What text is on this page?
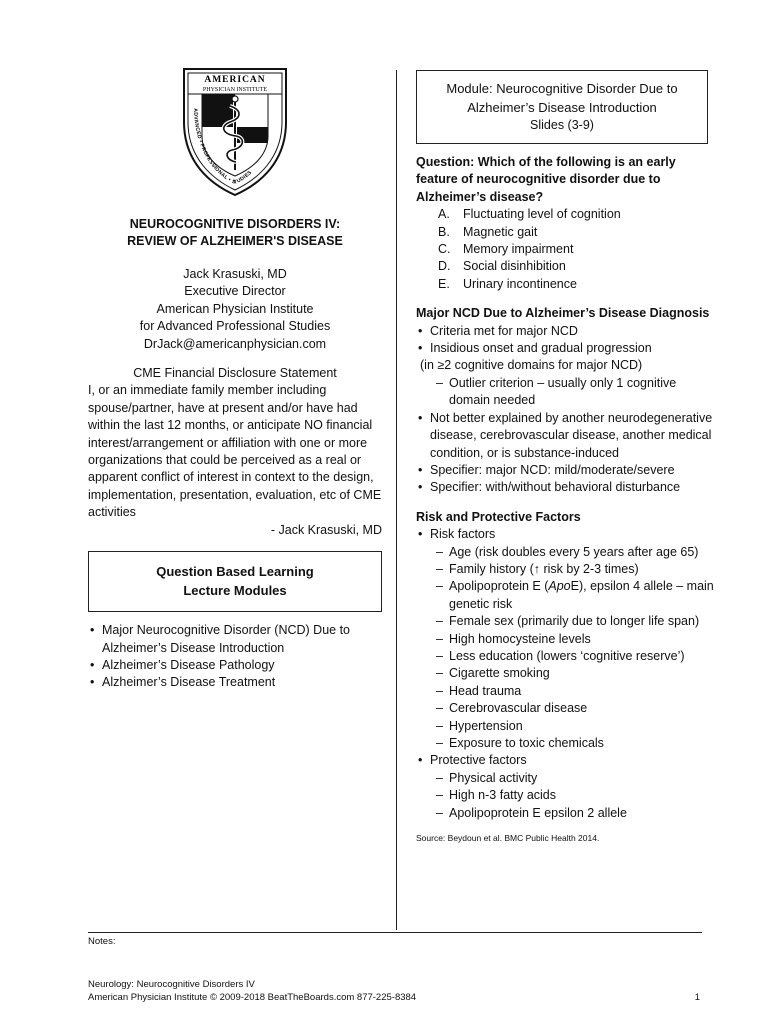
AMERICAN
PHYSICIAN INSTITUTE
ADVANCED • PROFESSIONAL • STUDIES
NEUROCOGNITIVE DISORDERS IV:
REVIEW OF ALZHEIMER'S DISEASE
Jack Krasuski, MD
Executive Director
American Physician Institute
for Advanced Professional Studies
DrJack@americanphysician.com
CME Financial Disclosure Statement
I, or an immediate family member including spouse/partner, have at present and/or have had within the last 12 months, or anticipate NO financial interest/arrangement or affiliation with one or more organizations that could be perceived as a real or apparent conflict of interest in context to the design, implementation, presentation, evaluation, etc of CME activities
- Jack Krasuski, MD
Question Based Learning
Lecture Modules
• Major Neurocognitive Disorder (NCD) Due to Alzheimer’s Disease Introduction
• Alzheimer’s Disease Pathology
• Alzheimer’s Disease Treatment
Module: Neurocognitive Disorder Due to
Alzheimer’s Disease Introduction
Slides (3-9)
Question: Which of the following is an early feature of neurocognitive disorder due to Alzheimer’s disease?
A.	Fluctuating level of cognition
B.	Magnetic gait
C.	Memory impairment
D.	Social disinhibition
E.	Urinary incontinence
Major NCD Due to Alzheimer’s Disease Diagnosis
• Criteria met for major NCD
• Insidious onset and gradual progression
(in ≥2 cognitive domains for major NCD)
– Outlier criterion – usually only 1 cognitive domain needed
• Not better explained by another neurodegenerative disease, cerebrovascular disease, another medical condition, or is substance-induced
• Specifier: major NCD: mild/moderate/severe
• Specifier: with/without behavioral disturbance
Risk and Protective Factors
• Risk factors
– Age (risk doubles every 5 years after age 65)
– Family history (↑ risk by 2-3 times)
– Apolipoprotein E (ApoE), epsilon 4 allele – main genetic risk
– Female sex (primarily due to longer life span)
– High homocysteine levels
– Less education (lowers ‘cognitive reserve’)
– Cigarette smoking
– Head trauma
– Cerebrovascular disease
– Hypertension
– Exposure to toxic chemicals
• Protective factors
– Physical activity
– High n-3 fatty acids
– Apolipoprotein E epsilon 2 allele
Source: Beydoun et al. BMC Public Health 2014.
Notes:
Neurology: Neurocognitive Disorders IV
American Physician Institute © 2009-2018 BeatTheBoards.com 877-225-8384	1
